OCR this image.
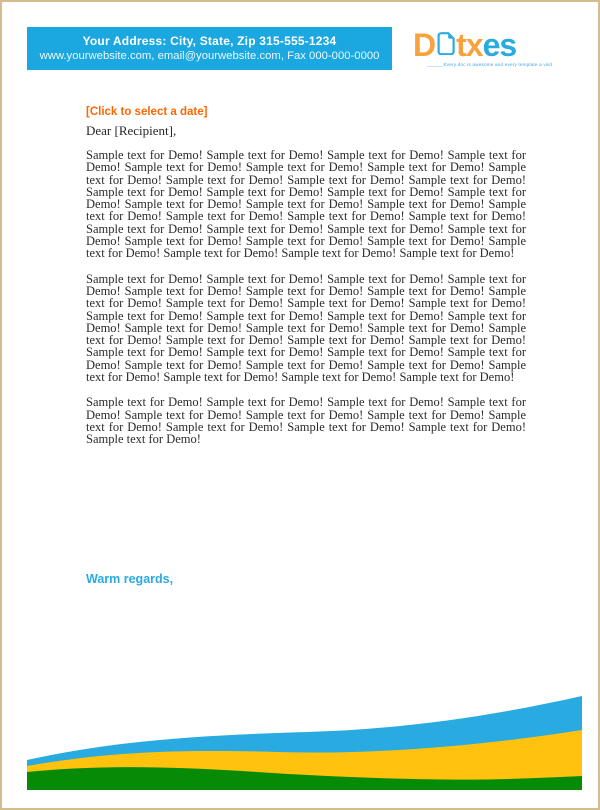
Your Address: City, State, Zip 315-555-1234
www.yourwebsite.com, email@yourwebsite.com, Fax 000-000-0000	D tx es
______Every doc is awesome and every template a visit
[Click to select a date]
Dear [Recipient],

Sample text for Demo! Sample text for Demo! Sample text for Demo! Sample text for Demo! Sample text for Demo! Sample text for Demo! Sample text for Demo! Sample text for Demo! Sample text for Demo! Sample text for Demo! Sample text for Demo! Sample text for Demo! Sample text for Demo! Sample text for Demo! Sample text for Demo! Sample text for Demo! Sample text for Demo! Sample text for Demo! Sample text for Demo! Sample text for Demo! Sample text for Demo! Sample text for Demo! Sample text for Demo! Sample text for Demo! Sample text for Demo! Sample text for Demo! Sample text for Demo! Sample text for Demo! Sample text for Demo! Sample text for Demo! Sample text for Demo! Sample text for Demo! Sample text for Demo!

Sample text for Demo! Sample text for Demo! Sample text for Demo! Sample text for Demo! Sample text for Demo! Sample text for Demo! Sample text for Demo! Sample text for Demo! Sample text for Demo! Sample text for Demo! Sample text for Demo! Sample text for Demo! Sample text for Demo! Sample text for Demo! Sample text for Demo! Sample text for Demo! Sample text for Demo! Sample text for Demo! Sample text for Demo! Sample text for Demo! Sample text for Demo! Sample text for Demo! Sample text for Demo! Sample text for Demo! Sample text for Demo! Sample text for Demo! Sample text for Demo! Sample text for Demo! Sample text for Demo! Sample text for Demo! Sample text for Demo! Sample text for Demo! Sample text for Demo!

Sample text for Demo! Sample text for Demo! Sample text for Demo! Sample text for Demo! Sample text for Demo! Sample text for Demo! Sample text for Demo! Sample text for Demo! Sample text for Demo! Sample text for Demo! Sample text for Demo! Sample text for Demo!

Warm regards,
